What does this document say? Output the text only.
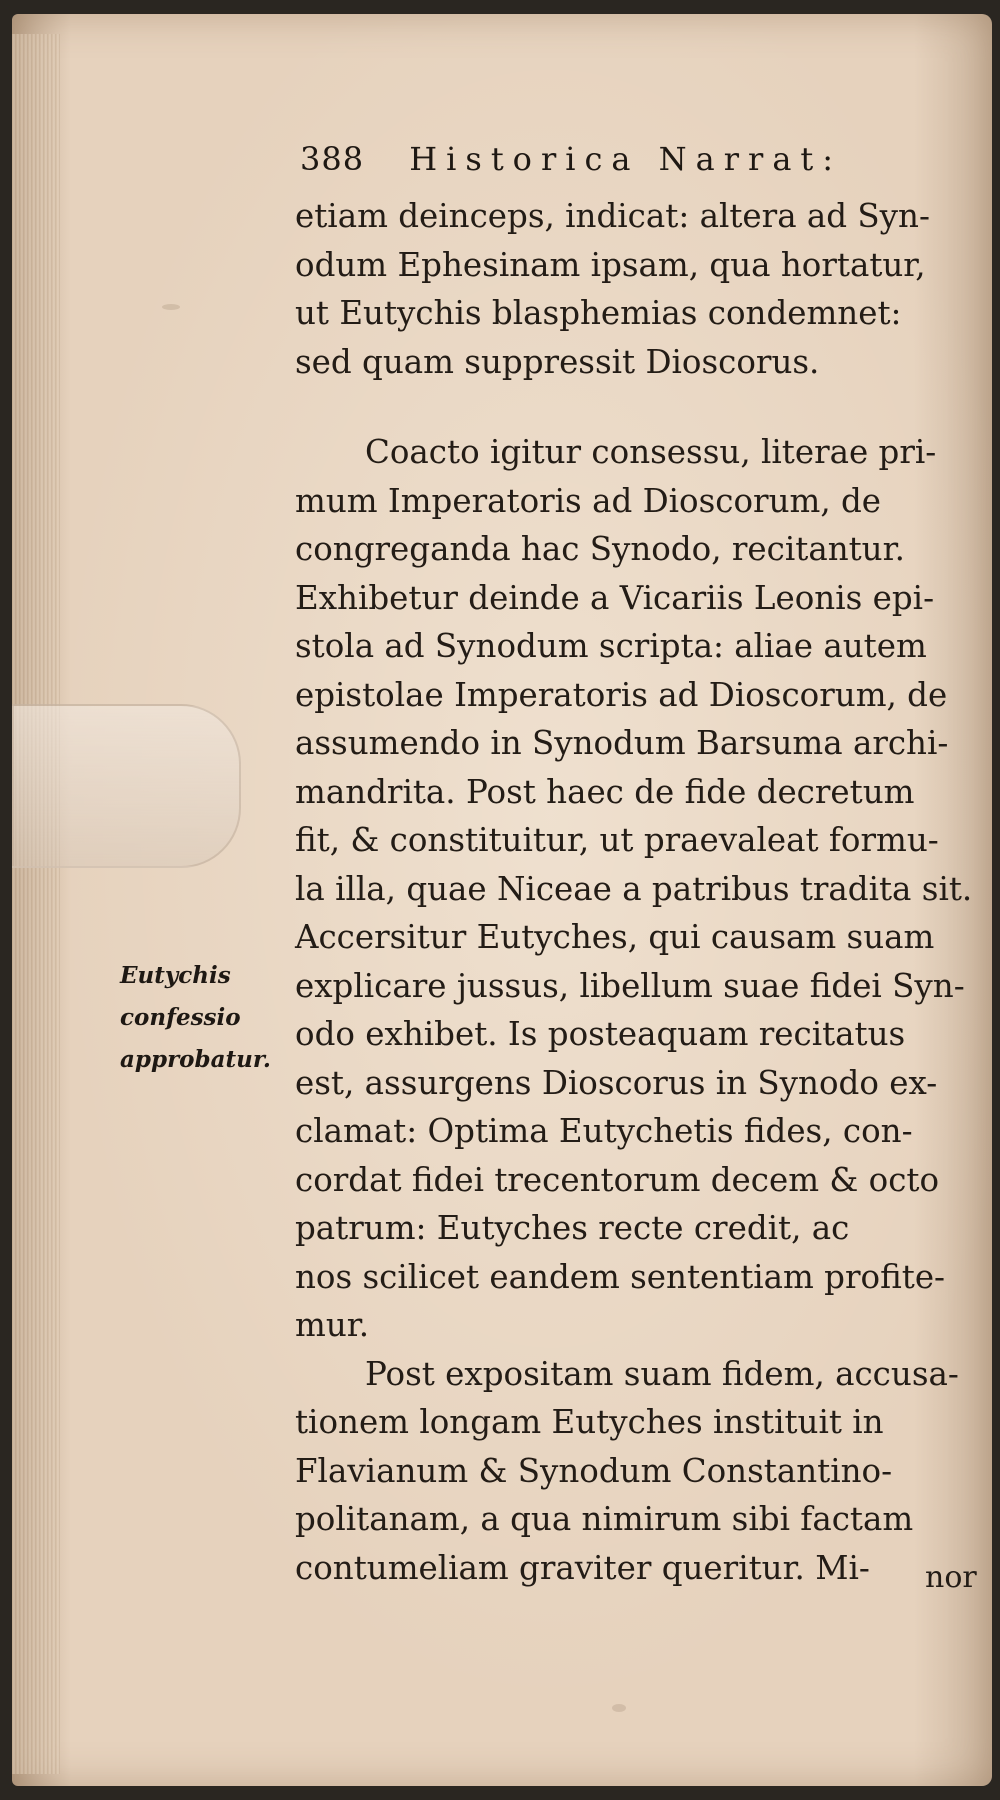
388 Historica Narrat:
Eutychis
confessio
approbatur.
etiam deinceps, indicat: altera ad Syn-
odum Ephesinam ipsam, qua hortatur,
ut Eutychis blasphemias condemnet:
sed quam suppressit Dioscorus.
Coacto igitur consessu, literae pri-
mum Imperatoris ad Dioscorum, de
congreganda hac Synodo, recitantur.
Exhibetur deinde a Vicariis Leonis epi-
stola ad Synodum scripta: aliae autem
epistolae Imperatoris ad Dioscorum, de
assumendo in Synodum Barsuma archi-
mandrita. Post haec de fide decretum
fit, & constituitur, ut praevaleat formu-
la illa, quae Niceae a patribus tradita sit.
Accersitur Eutyches, qui causam suam
explicare jussus, libellum suae fidei Syn-
odo exhibet. Is posteaquam recitatus
est, assurgens Dioscorus in Synodo ex-
clamat: Optima Eutychetis fides, con-
cordat fidei trecentorum decem & octo
patrum: Eutyches recte credit, ac
nos scilicet eandem sententiam profite-
mur.
Post expositam suam fidem, accusa-
tionem longam Eutyches instituit in
Flavianum & Synodum Constantino-
politanam, a qua nimirum sibi factam
contumeliam graviter queritur. Mi-	nor
